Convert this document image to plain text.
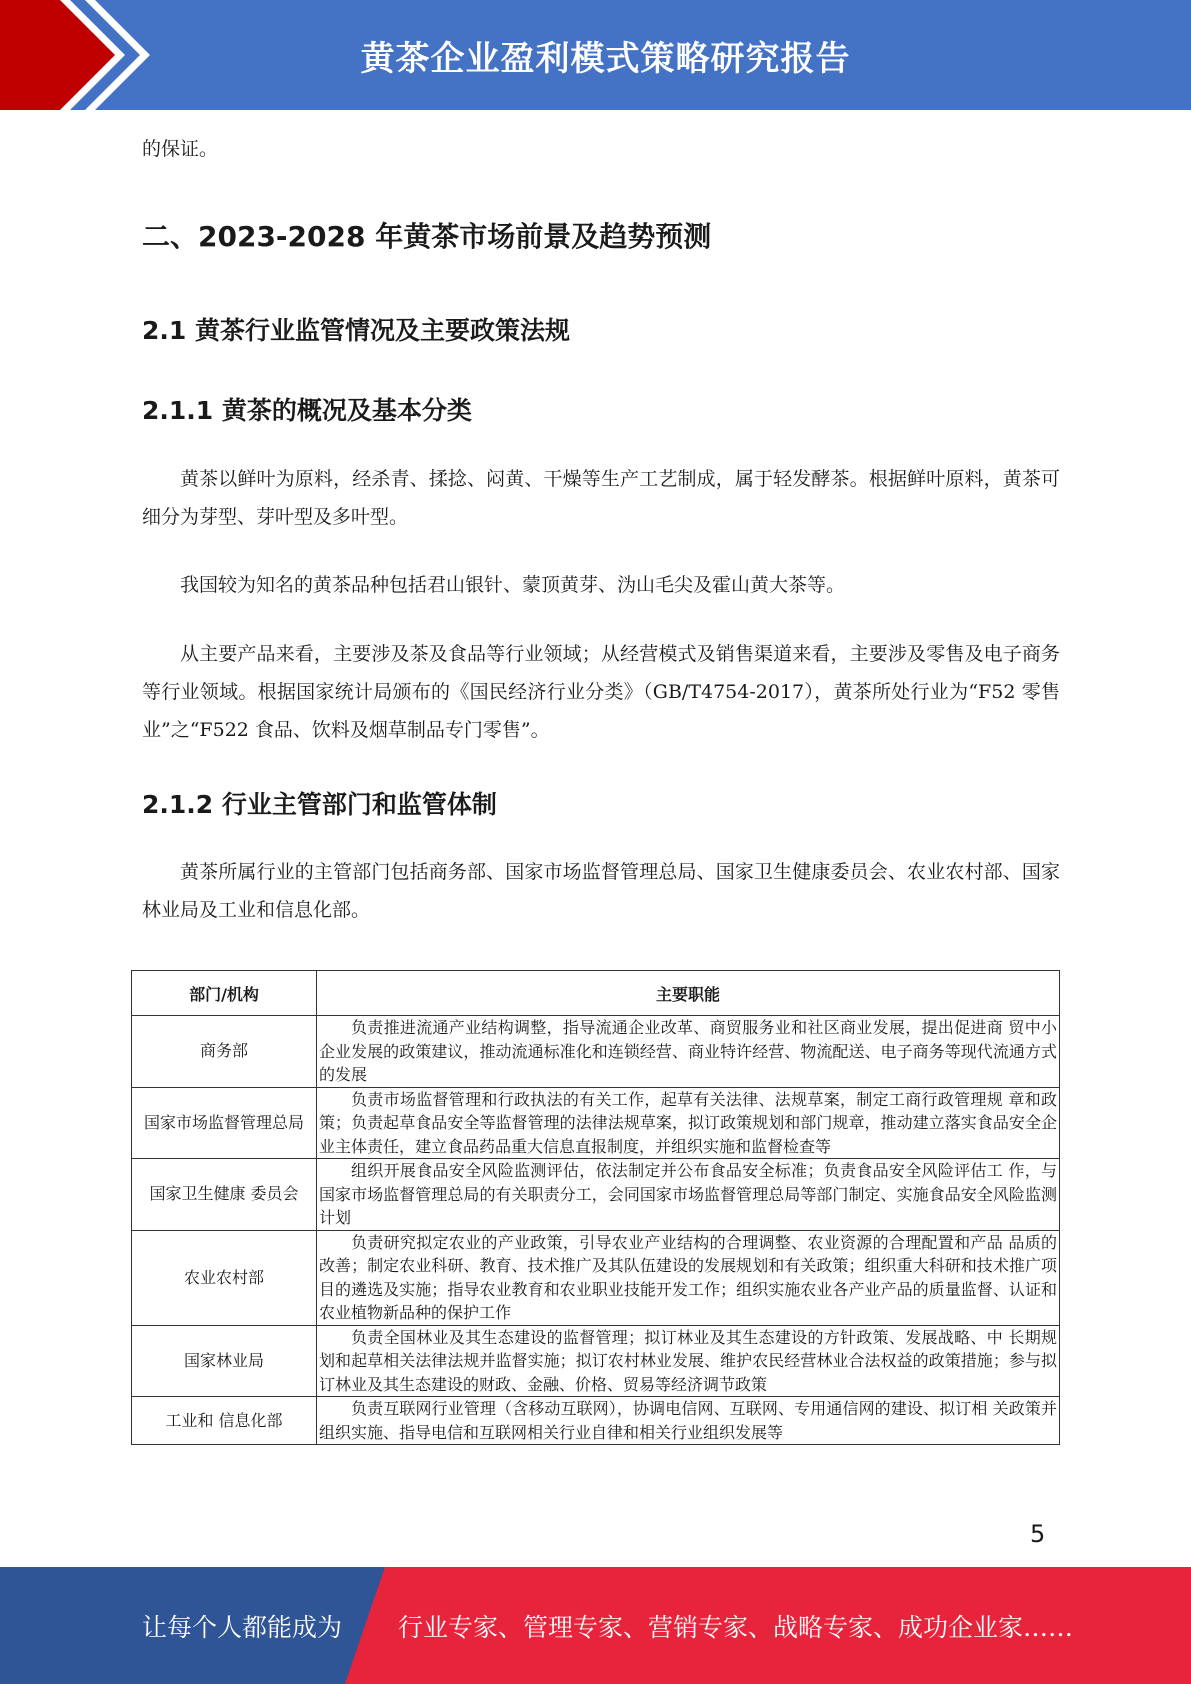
黄茶企业盈利模式策略研究报告

的保证。

二、2023-2028 年黄茶市场前景及趋势预测
2.1 黄茶行业监管情况及主要政策法规
2.1.1 黄茶的概况及基本分类

黄茶以鲜叶为原料，经杀青、揉捻、闷黄、干燥等生产工艺制成，属于轻发酵茶。根据鲜叶原料，黄茶可细分为芽型、芽叶型及多叶型。

我国较为知名的黄茶品种包括君山银针、蒙顶黄芽、沩山毛尖及霍山黄大茶等。

从主要产品来看，主要涉及茶及食品等行业领域；从经营模式及销售渠道来看，主要涉及零售及电子商务等行业领域。根据国家统计局颁布的《国民经济行业分类》（GB/T4754-2017），黄茶所处行业为“F52 零售业”之“F522 食品、饮料及烟草制品专门零售”。

2.1.2 行业主管部门和监管体制

黄茶所属行业的主管部门包括商务部、国家市场监督管理总局、国家卫生健康委员会、农业农村部、国家林业局及工业和信息化部。

部门/机构	主要职能
商务部	负责推进流通产业结构调整，指导流通企业改革、商贸服务业和社区商业发展，提出促进商 贸中小企业发展的政策建议，推动流通标准化和连锁经营、商业特许经营、物流配送、电子商务等现代流通方式的发展
国家市场监督管理总局	负责市场监督管理和行政执法的有关工作，起草有关法律、法规草案，制定工商行政管理规 章和政策；负责起草食品安全等监督管理的法律法规草案，拟订政策规划和部门规章，推动建立落实食品安全企业主体责任，建立食品药品重大信息直报制度，并组织实施和监督检查等
国家卫生健康 委员会	组织开展食品安全风险监测评估，依法制定并公布食品安全标准；负责食品安全风险评估工 作，与国家市场监督管理总局的有关职责分工，会同国家市场监督管理总局等部门制定、实施食品安全风险监测计划
农业农村部	负责研究拟定农业的产业政策，引导农业产业结构的合理调整、农业资源的合理配置和产品 品质的改善；制定农业科研、教育、技术推广及其队伍建设的发展规划和有关政策；组织重大科研和技术推广项目的遴选及实施；指导农业教育和农业职业技能开发工作；组织实施农业各产业产品的质量监督、认证和农业植物新品种的保护工作
国家林业局	负责全国林业及其生态建设的监督管理；拟订林业及其生态建设的方针政策、发展战略、中 长期规划和起草相关法律法规并监督实施；拟订农村林业发展、维护农民经营林业合法权益的政策措施；参与拟订林业及其生态建设的财政、金融、价格、贸易等经济调节政策
工业和 信息化部	负责互联网行业管理（含移动互联网），协调电信网、互联网、专用通信网的建设、拟订相 关政策并组织实施、指导电信和互联网相关行业自律和相关行业组织发展等
5
让每个人都能成为 行业专家、管理专家、营销专家、战略专家、成功企业家……
